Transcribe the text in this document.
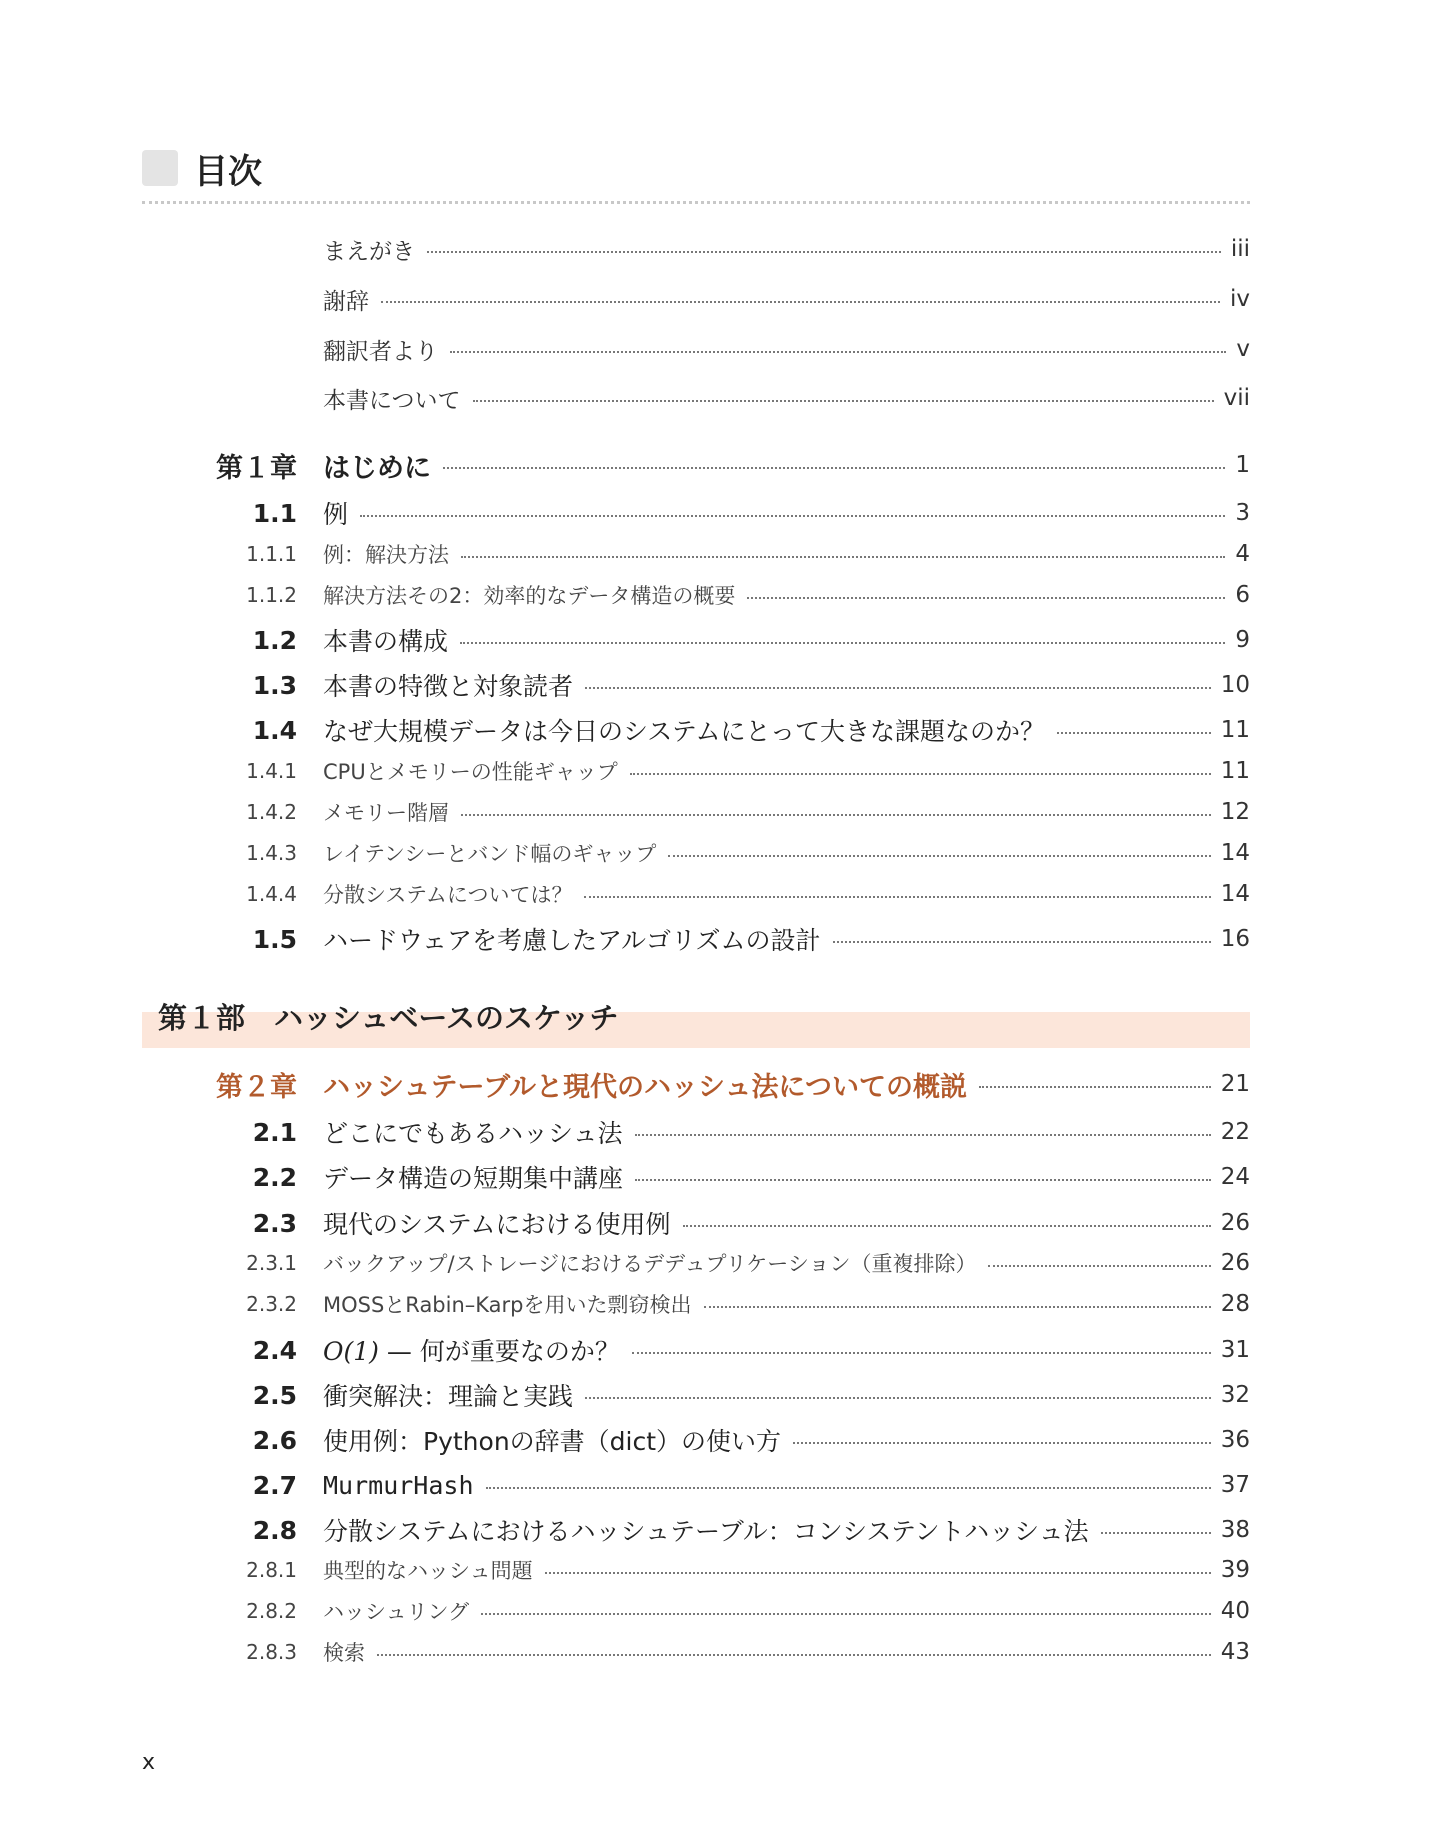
目次
まえがき	iii
謝辞	iv
翻訳者より	v
本書について	vii
第１章 はじめに	1
1.1 例	3
1.1.1 例：解決方法	4
1.1.2 解決方法その2：効率的なデータ構造の概要	6
1.2 本書の構成	9
1.3 本書の特徴と対象読者	10
1.4 なぜ大規模データは今日のシステムにとって大きな課題なのか？	11
1.4.1 CPUとメモリーの性能ギャップ	11
1.4.2 メモリー階層	12
1.4.3 レイテンシーとバンド幅のギャップ	14
1.4.4 分散システムについては？	14
1.5 ハードウェアを考慮したアルゴリズムの設計	16
第１部　ハッシュベースのスケッチ
第２章 ハッシュテーブルと現代のハッシュ法についての概説	21
2.1 どこにでもあるハッシュ法	22
2.2 データ構造の短期集中講座	24
2.3 現代のシステムにおける使用例	26
2.3.1 バックアップ/ストレージにおけるデデュプリケーション（重複排除）	26
2.3.2 MOSSとRabin–Karpを用いた剽窃検出	28
2.4 O(1) — 何が重要なのか？	31
2.5 衝突解決：理論と実践	32
2.6 使用例：Pythonの辞書（dict）の使い方	36
2.7 MurmurHash	37
2.8 分散システムにおけるハッシュテーブル：コンシステントハッシュ法	38
2.8.1 典型的なハッシュ問題	39
2.8.2 ハッシュリング	40
2.8.3 検索	43
x
